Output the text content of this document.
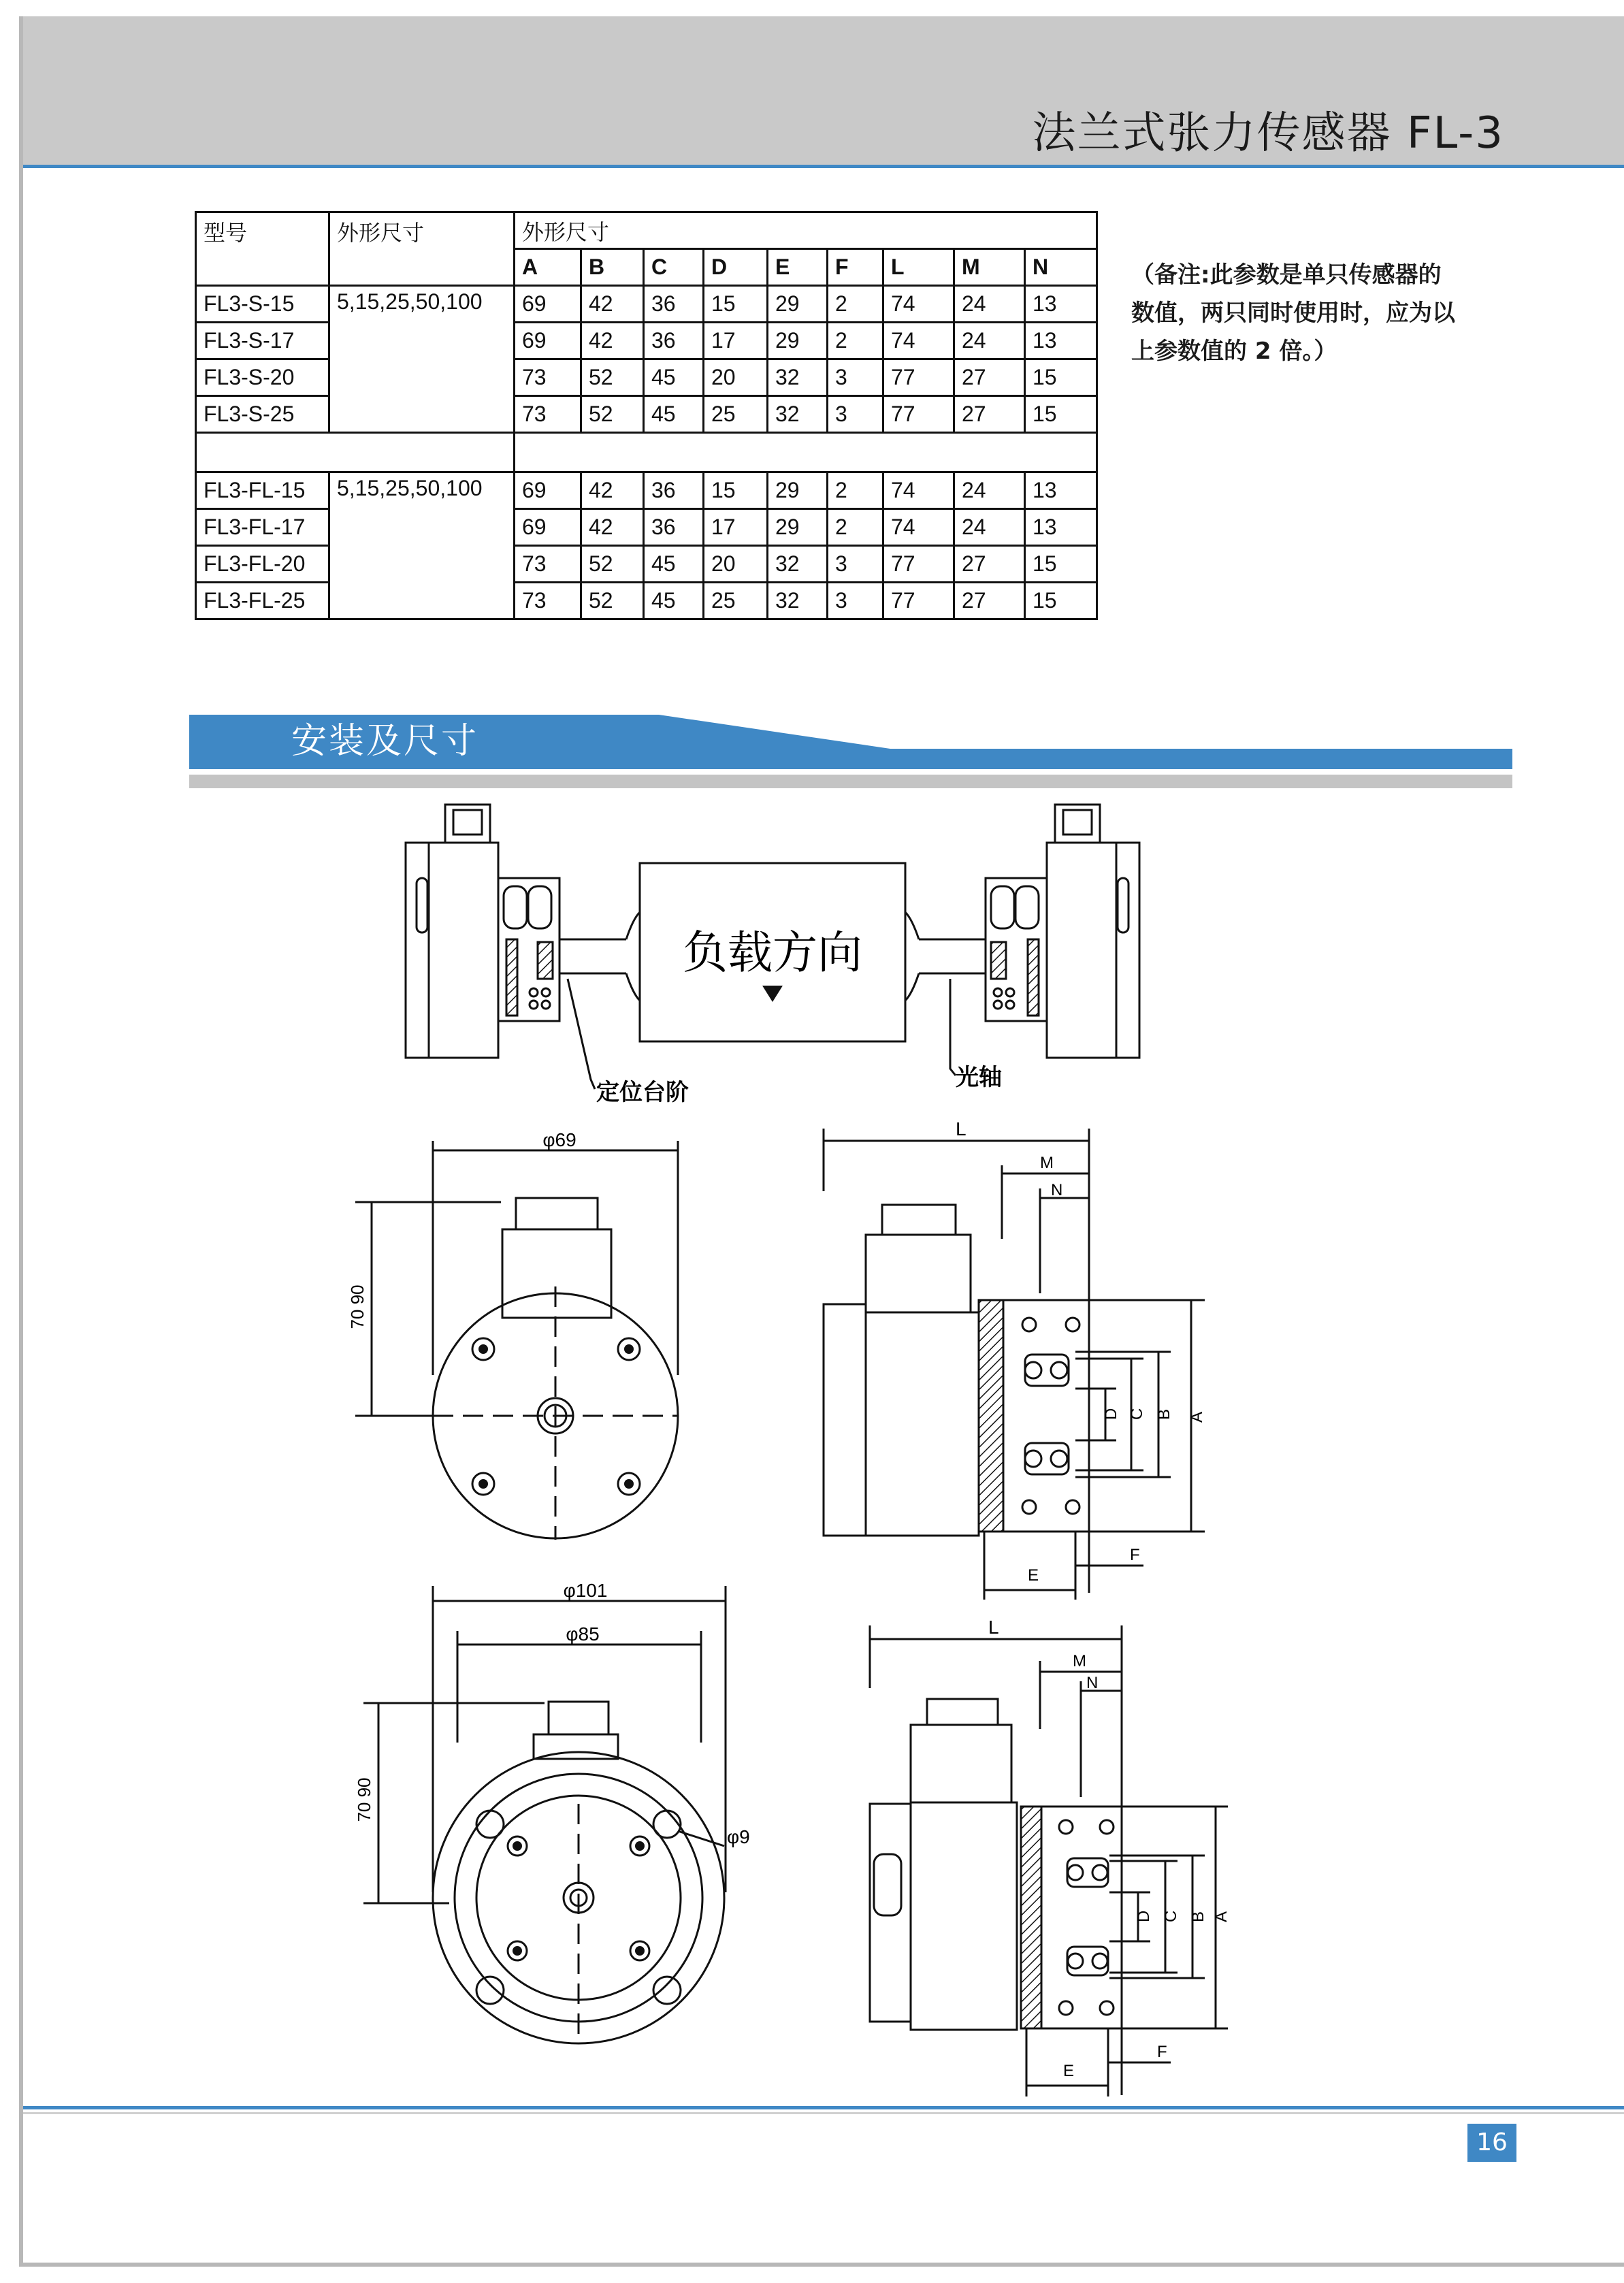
法兰式张力传感器 FL-3
型号	外形尺寸	外形尺寸								
		A	B	C	D	E	F	L	M	N
FL3-S-15	5,15,25,50,100	69	42	36	15	29	2	74	24	13
FL3-S-17		69	42	36	17	29	2	74	24	13
FL3-S-20		73	52	45	20	32	3	77	27	15
FL3-S-25		73	52	45	25	32	3	77	27	15

FL3-FL-15	5,15,25,50,100	69	42	36	15	29	2	74	24	13
FL3-FL-17		69	42	36	17	29	2	74	24	13
FL3-FL-20		73	52	45	20	32	3	77	27	15
FL3-FL-25		73	52	45	25	32	3	77	27	15
（备注:此参数是单只传感器的
数值，两只同时使用时，应为以
上参数值的 2 倍。）
安装及尺寸
负载方向
定位台阶
光轴
φ69
70 90
L
M
N
E
F
A
B
C
D
φ101
φ85
φ9
70 90
L
M
N
E
F
A
B
C
D
16
